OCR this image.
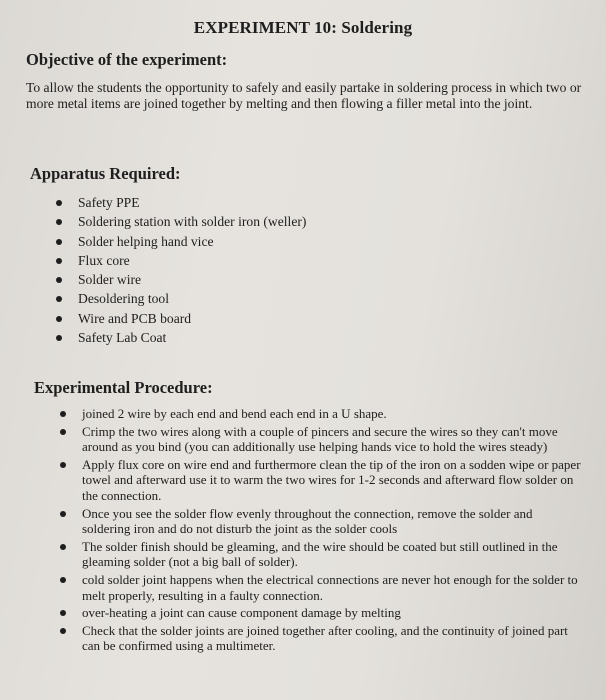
EXPERIMENT 10: Soldering
Objective of the experiment:

To allow the students the opportunity to safely and easily partake in soldering process in which two or more metal items are joined together by melting and then flowing a filler metal into the joint.

Apparatus Required:
Safety PPE
Soldering station with solder iron (weller)
Solder helping hand vice
Flux core
Solder wire
Desoldering tool
Wire and PCB board
Safety Lab Coat
Experimental Procedure:
joined 2 wire by each end and bend each end in a U shape.
Crimp the two wires along with a couple of pincers and secure the wires so they can't move around as you bind (you can additionally use helping hands vice to hold the wires steady)
Apply flux core on wire end and furthermore clean the tip of the iron on a sodden wipe or paper towel and afterward use it to warm the two wires for 1-2 seconds and afterward flow solder on the connection.
Once you see the solder flow evenly throughout the connection, remove the solder and soldering iron and do not disturb the joint as the solder cools
The solder finish should be gleaming, and the wire should be coated but still outlined in the gleaming solder (not a big ball of solder).
cold solder joint happens when the electrical connections are never hot enough for the solder to melt properly, resulting in a faulty connection.
over-heating a joint can cause component damage by melting
Check that the solder joints are joined together after cooling, and the continuity of joined part can be confirmed using a multimeter.
